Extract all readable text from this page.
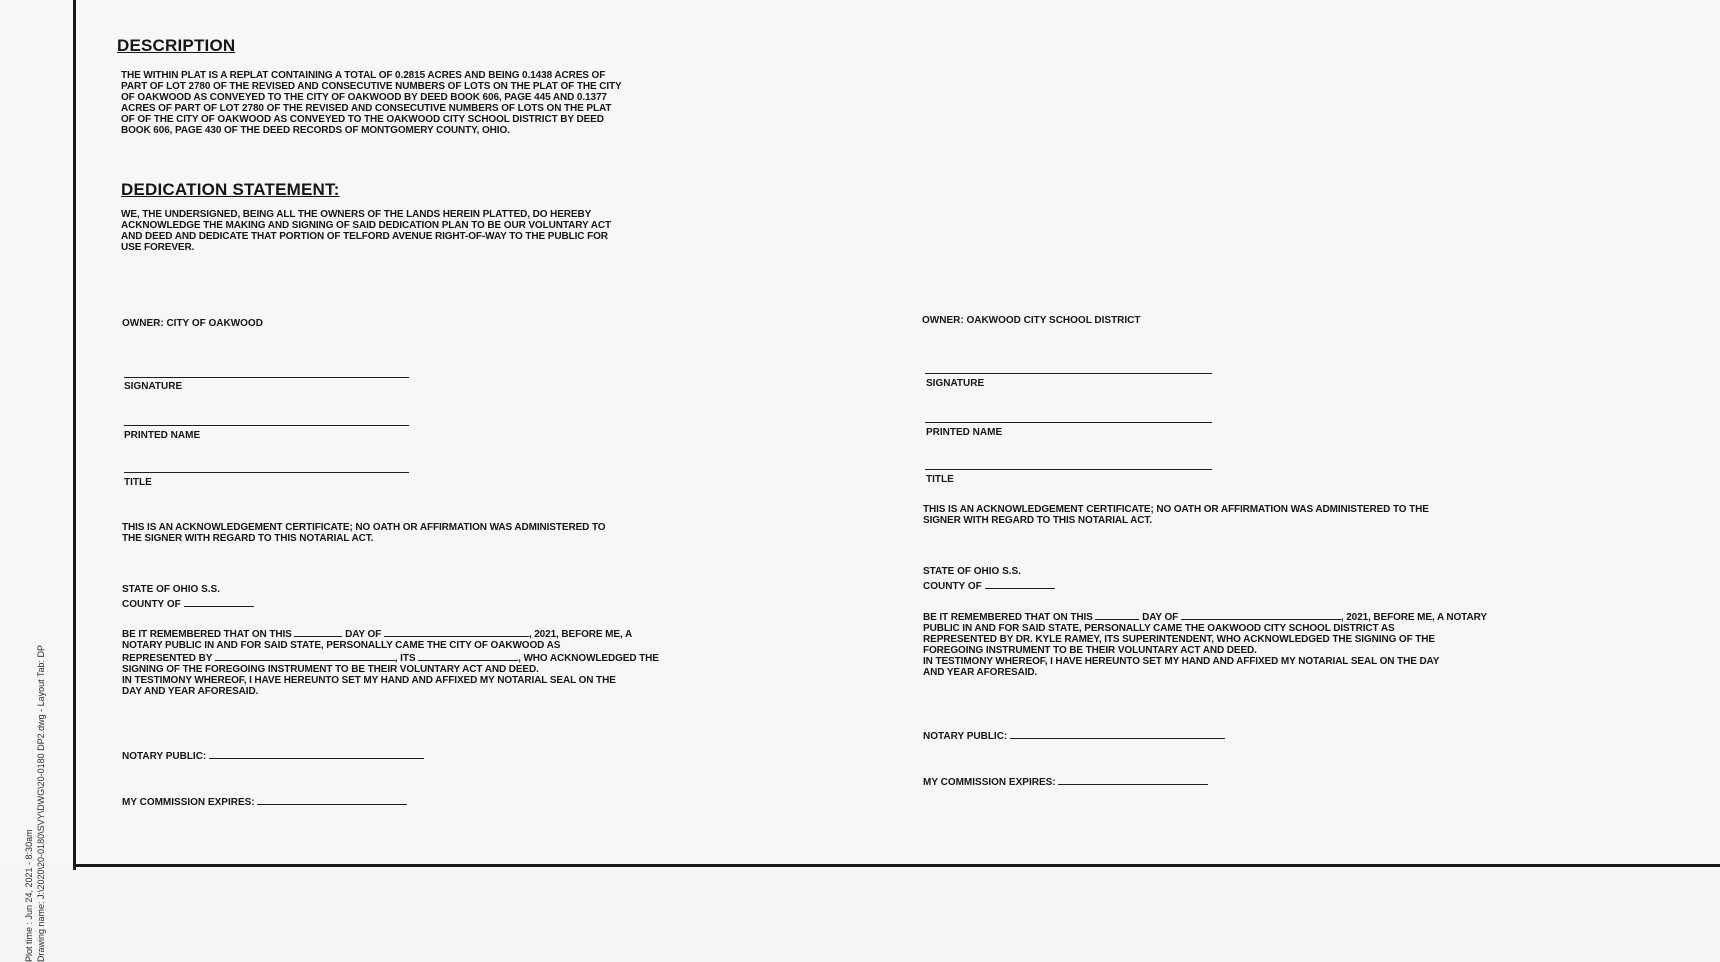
Plot time : Jun 24, 2021 - 8:30am Drawing name: J:\2020\20-0180\SVY\DWG\20-0180 DP2.dwg - Layout Tab: DP
DESCRIPTION
THE WITHIN PLAT IS A REPLAT CONTAINING A TOTAL OF 0.2815 ACRES AND BEING 0.1438 ACRES OF
PART OF LOT 2780 OF THE REVISED AND CONSECUTIVE NUMBERS OF LOTS ON THE PLAT OF THE CITY
OF OAKWOOD AS CONVEYED TO THE CITY OF OAKWOOD BY DEED BOOK 606, PAGE 445 AND 0.1377
ACRES OF PART OF LOT 2780 OF THE REVISED AND CONSECUTIVE NUMBERS OF LOTS ON THE PLAT
OF OF THE CITY OF OAKWOOD AS CONVEYED TO THE OAKWOOD CITY SCHOOL DISTRICT BY DEED
BOOK 606, PAGE 430 OF THE DEED RECORDS OF MONTGOMERY COUNTY, OHIO.
DEDICATION STATEMENT:
WE, THE UNDERSIGNED, BEING ALL THE OWNERS OF THE LANDS HEREIN PLATTED, DO HEREBY
ACKNOWLEDGE THE MAKING AND SIGNING OF SAID DEDICATION PLAN TO BE OUR VOLUNTARY ACT
AND DEED AND DEDICATE THAT PORTION OF TELFORD AVENUE RIGHT-OF-WAY TO THE PUBLIC FOR
USE FOREVER.
OWNER: CITY OF OAKWOOD
SIGNATURE
PRINTED NAME
TITLE
THIS IS AN ACKNOWLEDGEMENT CERTIFICATE; NO OATH OR AFFIRMATION WAS ADMINISTERED TO
THE SIGNER WITH REGARD TO THIS NOTARIAL ACT.
STATE OF OHIO S.S.
COUNTY OF
BE IT REMEMBERED THAT ON THIS	DAY OF	, 2021, BEFORE ME, A
NOTARY PUBLIC IN AND FOR SAID STATE, PERSONALLY CAME THE CITY OF OAKWOOD AS
REPRESENTED BY	, ITS	, WHO ACKNOWLEDGED THE
SIGNING OF THE FOREGOING INSTRUMENT TO BE THEIR VOLUNTARY ACT AND DEED.
IN TESTIMONY WHEREOF, I HAVE HEREUNTO SET MY HAND AND AFFIXED MY NOTARIAL SEAL ON THE
DAY AND YEAR AFORESAID.
NOTARY PUBLIC:
MY COMMISSION EXPIRES:
OWNER: OAKWOOD CITY SCHOOL DISTRICT
SIGNATURE
PRINTED NAME
TITLE
THIS IS AN ACKNOWLEDGEMENT CERTIFICATE; NO OATH OR AFFIRMATION WAS ADMINISTERED TO THE
SIGNER WITH REGARD TO THIS NOTARIAL ACT.
STATE OF OHIO S.S.
COUNTY OF
BE IT REMEMBERED THAT ON THIS	DAY OF	, 2021, BEFORE ME, A NOTARY
PUBLIC IN AND FOR SAID STATE, PERSONALLY CAME THE OAKWOOD CITY SCHOOL DISTRICT AS
REPRESENTED BY DR. KYLE RAMEY, ITS SUPERINTENDENT, WHO ACKNOWLEDGED THE SIGNING OF THE
FOREGOING INSTRUMENT TO BE THEIR VOLUNTARY ACT AND DEED.
IN TESTIMONY WHEREOF, I HAVE HEREUNTO SET MY HAND AND AFFIXED MY NOTARIAL SEAL ON THE DAY
AND YEAR AFORESAID.
NOTARY PUBLIC:
MY COMMISSION EXPIRES:
